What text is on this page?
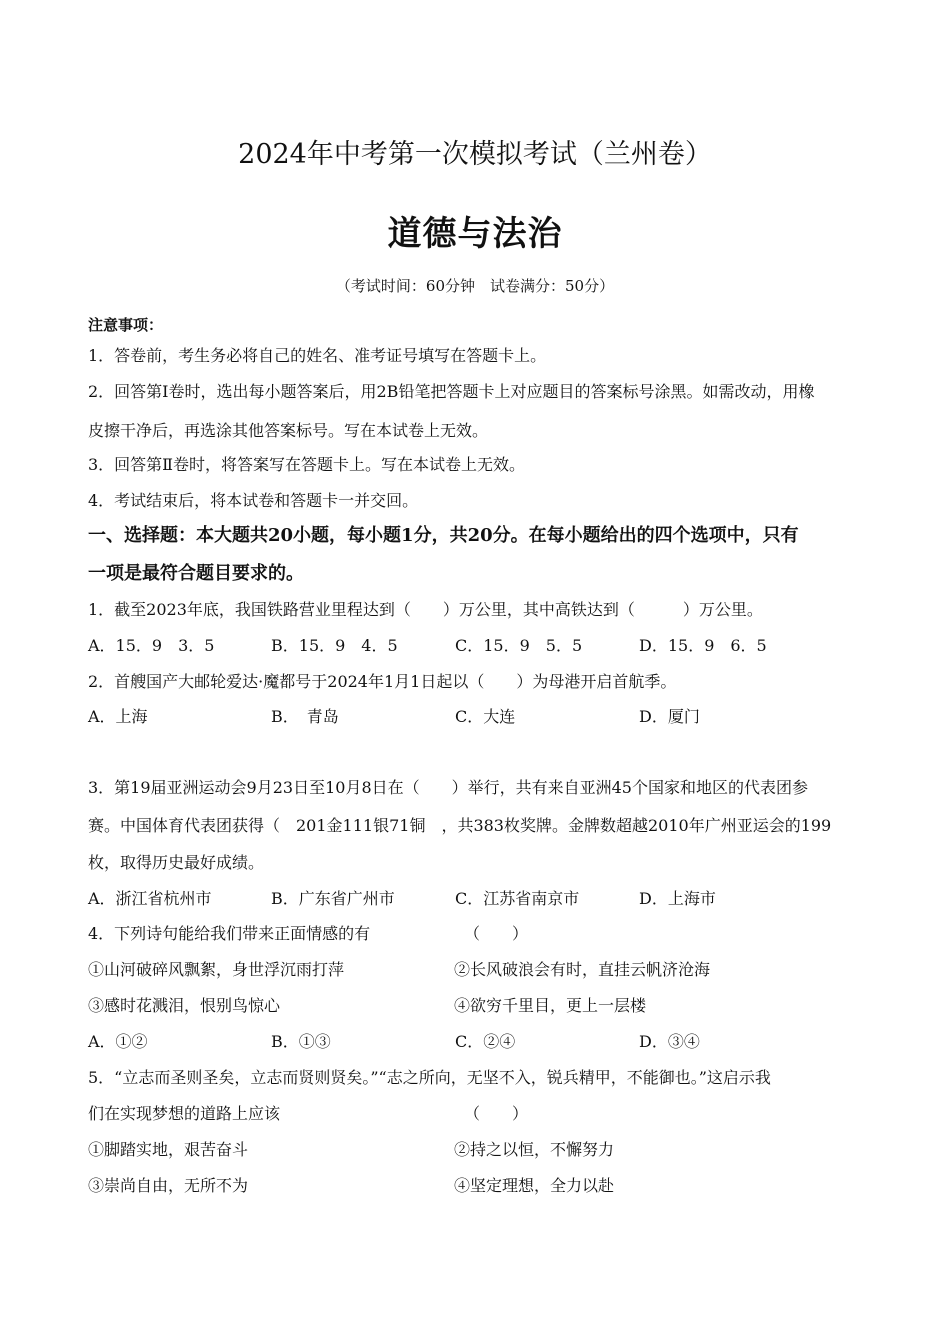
2024年中考第一次模拟考试（兰州卷）
道德与法治
（考试时间：60分钟　试卷满分：50分）
注意事项：
1．答卷前，考生务必将自己的姓名、准考证号填写在答题卡上。
2．回答第Ⅰ卷时，选出每小题答案后，用2B铅笔把答题卡上对应题目的答案标号涂黑。如需改动，用橡
皮擦干净后，再选涂其他答案标号。写在本试卷上无效。
3．回答第Ⅱ卷时，将答案写在答题卡上。写在本试卷上无效。
4．考试结束后，将本试卷和答题卡一并交回。
一、选择题：本大题共20小题，每小题1分，共20分。在每小题给出的四个选项中，只有
一项是最符合题目要求的。
1．截至2023年底，我国铁路营业里程达到（　　）万公里，其中高铁达到（　　　）万公里。
A．15．9　3．5	B．15．9　4．5	C．15．9　5．5	D．15．9　6．5
2．首艘国产大邮轮爱达·魔都号于2024年1月1日起以（　　）为母港开启首航季。
A．上海	B．　青岛	C．大连	D．厦门
3．第19届亚洲运动会9月23日至10月8日在（　　）举行，共有来自亚洲45个国家和地区的代表团参
赛。中国体育代表团获得（　201金111银71铜　，共383枚奖牌。金牌数超越2010年广州亚运会的199
枚，取得历史最好成绩。
A．浙江省杭州市	B．广东省广州市	C．江苏省南京市	D．上海市
4．下列诗句能给我们带来正面情感的有	（　　）
①山河破碎风飘絮，身世浮沉雨打萍	②长风破浪会有时，直挂云帆济沧海
③感时花溅泪，恨别鸟惊心	④欲穷千里目，更上一层楼
A．①②	B．①③	C．②④	D．③④
5．“立志而圣则圣矣，立志而贤则贤矣。”“志之所向，无坚不入，锐兵精甲，不能御也。”这启示我
们在实现梦想的道路上应该	（　　）
①脚踏实地，艰苦奋斗	②持之以恒，不懈努力
③崇尚自由，无所不为	④坚定理想，全力以赴
